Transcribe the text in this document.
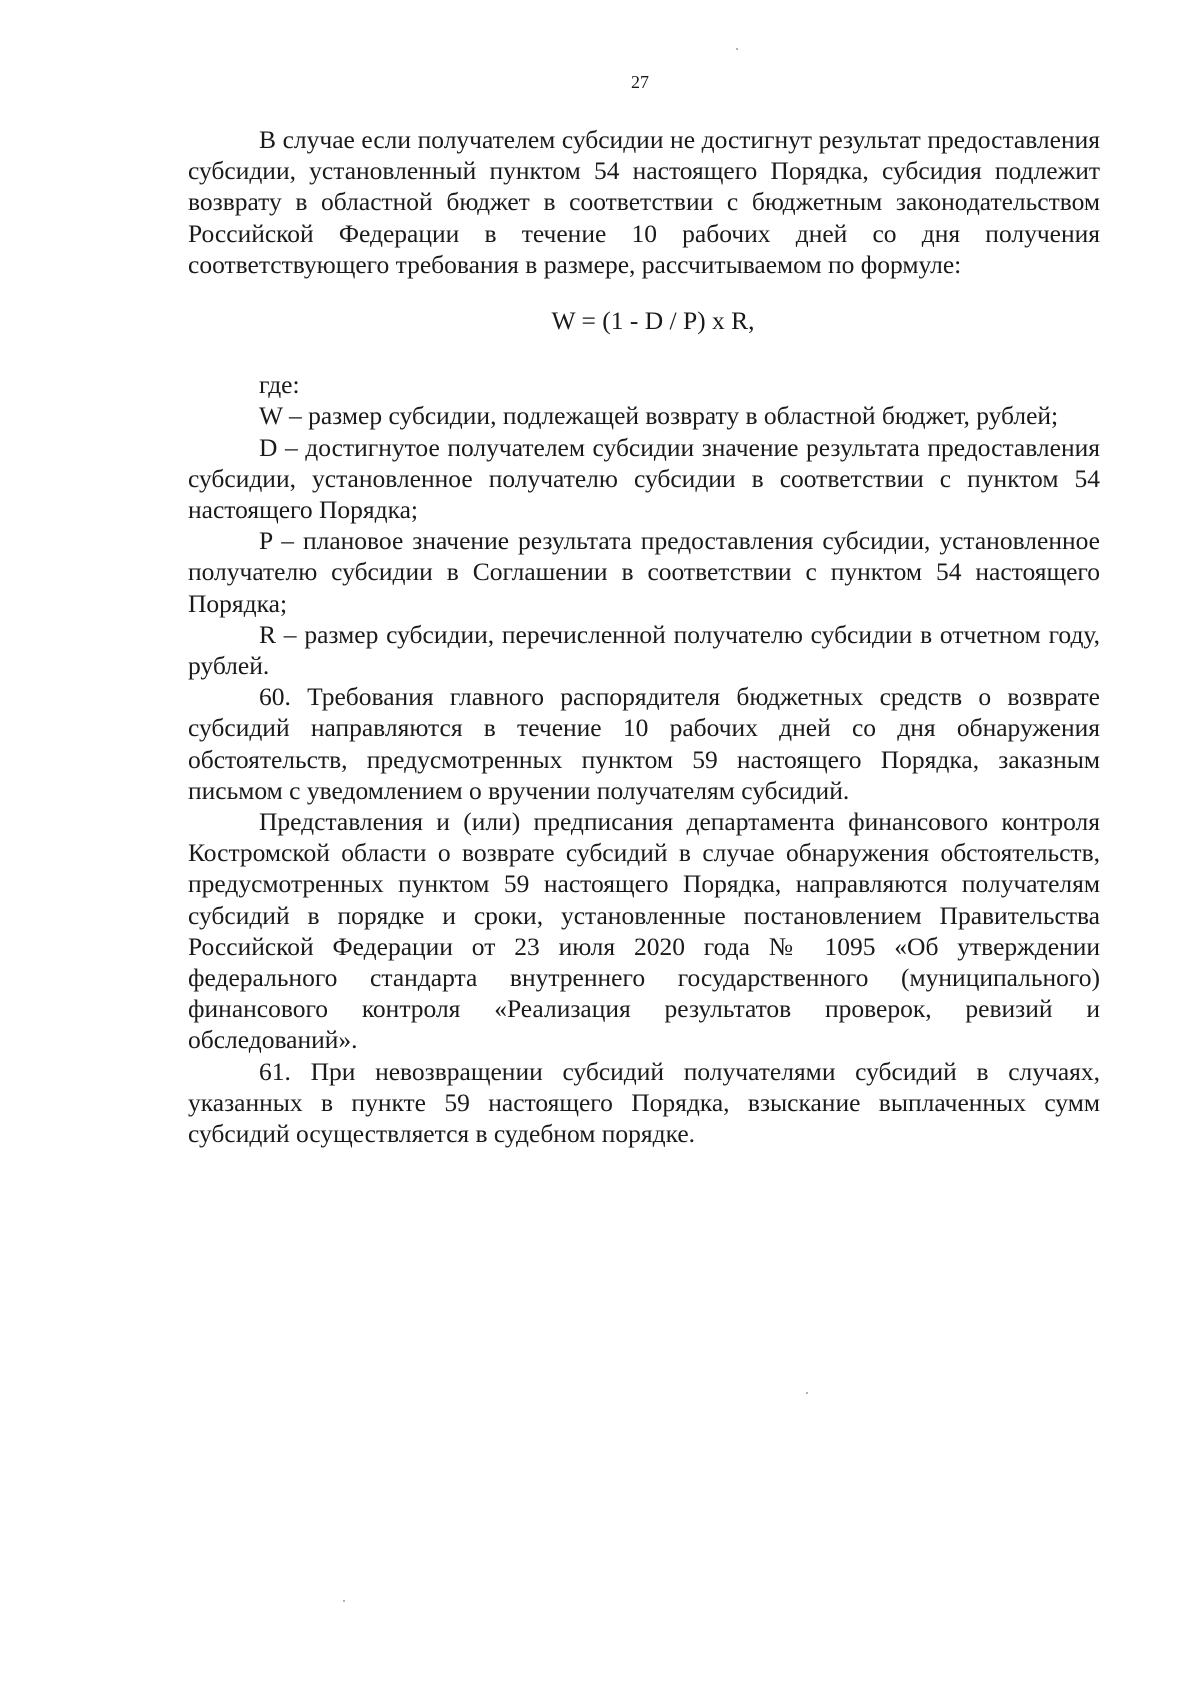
27

В случае если получателем субсидии не достигнут результат предоставления субсидии, установленный пунктом 54 настоящего Порядка, субсидия подлежит возврату в областной бюджет в соответствии с бюджетным законодательством Российской Федерации в течение 10 рабочих дней со дня получения соответствующего требования в размере, рассчитываемом по формуле:

W = (1 - D / P) x R,

где:

W – размер субсидии, подлежащей возврату в областной бюджет, рублей;

D – достигнутое получателем субсидии значение результата предоставления субсидии, установленное получателю субсидии в соответствии с пунктом 54 настоящего Порядка;

P – плановое значение результата предоставления субсидии, установленное получателю субсидии в Соглашении в соответствии с пунктом 54 настоящего Порядка;

R – размер субсидии, перечисленной получателю субсидии в отчетном году, рублей.

60. Требования главного распорядителя бюджетных средств о возврате субсидий направляются в течение 10 рабочих дней со дня обнаружения обстоятельств, предусмотренных пунктом 59 настоящего Порядка, заказным письмом с уведомлением о вручении получателям субсидий.

Представления и (или) предписания департамента финансового контроля Костромской области о возврате субсидий в случае обнаружения обстоятельств, предусмотренных пунктом 59 настоящего Порядка, направляются получателям субсидий в порядке и сроки, установленные постановлением Правительства Российской Федерации от 23 июля 2020 года № 1095 «Об утверждении федерального стандарта внутреннего государственного (муниципального) финансового контроля «Реализация результатов проверок, ревизий и обследований».

61. При невозвращении субсидий получателями субсидий в случаях, указанных в пункте 59 настоящего Порядка, взыскание выплаченных сумм субсидий осуществляется в судебном порядке.
